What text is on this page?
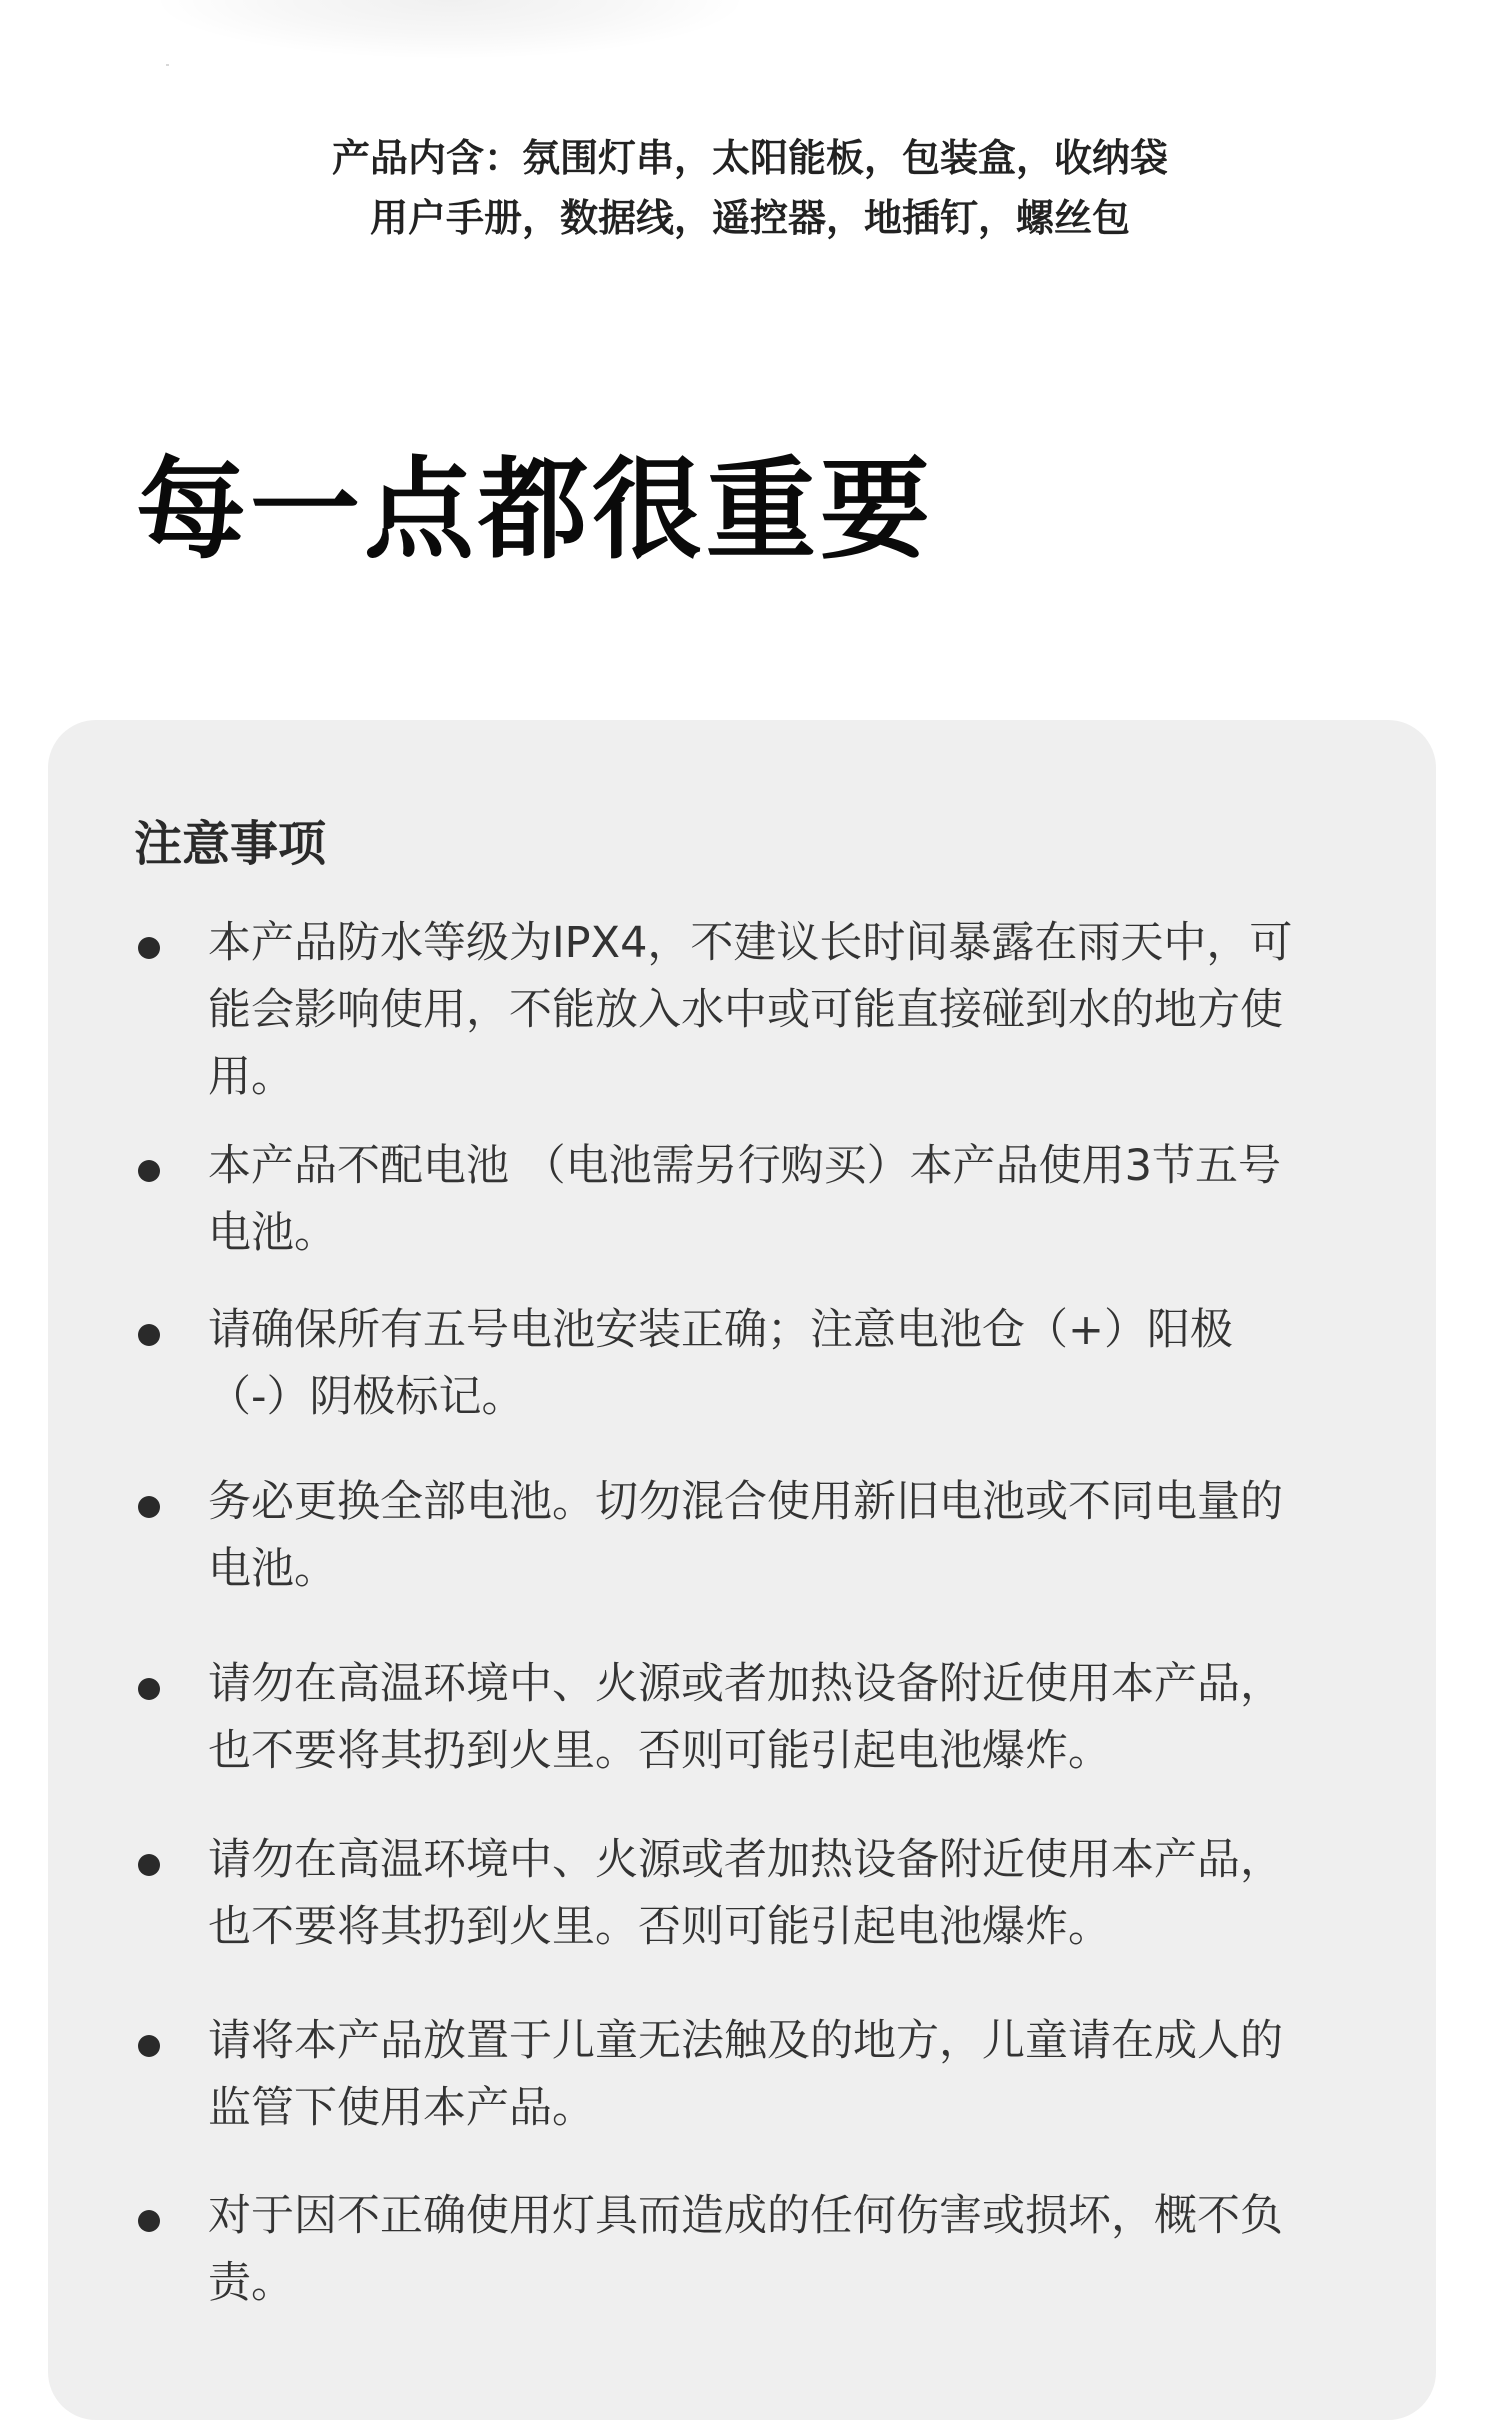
产品内含：氛围灯串，太阳能板，包装盒，收纳袋
用户手册，数据线，遥控器，地插钉，螺丝包
每一点都很重要
注意事项
本产品防水等级为IPX4，不建议长时间暴露在雨天中，可
能会影响使用，不能放入水中或可能直接碰到水的地方使
用。
本产品不配电池 （电池需另行购买）本产品使用3节五号
电池。
请确保所有五号电池安装正确；注意电池仓（+）阳极
（-）阴极标记。
务必更换全部电池。切勿混合使用新旧电池或不同电量的
电池。
请勿在高温环境中、火源或者加热设备附近使用本产品，
也不要将其扔到火里。否则可能引起电池爆炸。
请勿在高温环境中、火源或者加热设备附近使用本产品，
也不要将其扔到火里。否则可能引起电池爆炸。
请将本产品放置于儿童无法触及的地方，儿童请在成人的
监管下使用本产品。
对于因不正确使用灯具而造成的任何伤害或损坏，概不负
责。
